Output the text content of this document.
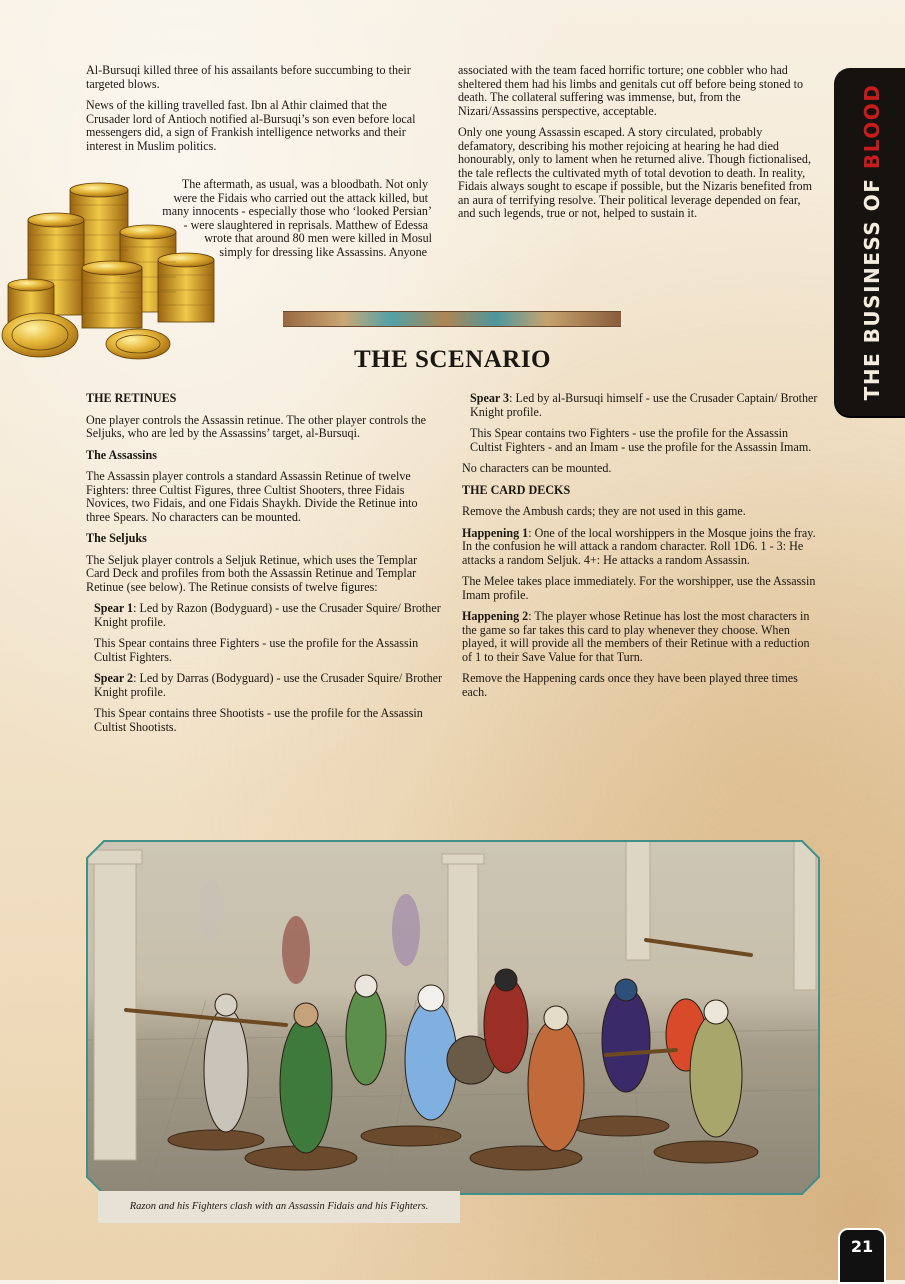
THE BUSINESS OF BLOOD

Al-Bursuqi killed three of his assailants before succumbing to their targeted blows.

News of the killing travelled fast. Ibn al Athir claimed that the Crusader lord of Antioch notified al-Bursuqi’s son even before local messengers did, a sign of Frankish intelligence networks and their interest in Muslim politics.

The aftermath, as usual, was a bloodbath. Not only
were the Fidais who carried out the attack killed, but
many innocents - especially those who ‘looked Persian’
- were slaughtered in reprisals. Matthew of Edessa
wrote that around 80 men were killed in Mosul
simply for dressing like Assassins. Anyone

associated with the team faced horrific torture; one cobbler who had sheltered them had his limbs and genitals cut off before being stoned to death. The collateral suffering was immense, but, from the Nizari/Assassins perspective, acceptable.

Only one young Assassin escaped. A story circulated, probably defamatory, describing his mother rejoicing at hearing he had died honourably, only to lament when he returned alive. Though fictionalised, the tale reflects the cultivated myth of total devotion to death. In reality, Fidais always sought to escape if possible, but the Nizaris benefited from an aura of terrifying resolve. Their political leverage depended on fear, and such legends, true or not, helped to sustain it.

THE SCENARIO
THE RETINUES

One player controls the Assassin retinue. The other player controls the Seljuks, who are led by the Assassins’ target, al-Bursuqi.

The Assassins

The Assassin player controls a standard Assassin Retinue of twelve Fighters: three Cultist Figures, three Cultist Shooters, three Fidais Novices, two Fidais, and one Fidais Shaykh. Divide the Retinue into three Spears. No characters can be mounted.

The Seljuks

The Seljuk player controls a Seljuk Retinue, which uses the Templar Card Deck and profiles from both the Assassin Retinue and Templar Retinue (see below). The Retinue consists of twelve figures:

Spear 1: Led by Razon (Bodyguard) - use the Crusader Squire/ Brother Knight profile.

This Spear contains three Fighters - use the profile for the Assassin Cultist Fighters.

Spear 2: Led by Darras (Bodyguard) - use the Crusader Squire/ Brother Knight profile.

This Spear contains three Shootists - use the profile for the Assassin Cultist Shootists.

Spear 3: Led by al-Bursuqi himself - use the Crusader Captain/ Brother Knight profile.

This Spear contains two Fighters - use the profile for the Assassin Cultist Fighters - and an Imam - use the profile for the Assassin Imam.

No characters can be mounted.

THE CARD DECKS

Remove the Ambush cards; they are not used in this game.

Happening 1: One of the local worshippers in the Mosque joins the fray. In the confusion he will attack a random character. Roll 1D6. 1 - 3: He attacks a random Seljuk. 4+: He attacks a random Assassin.

The Melee takes place immediately. For the worshipper, use the Assassin Imam profile.

Happening 2: The player whose Retinue has lost the most characters in the game so far takes this card to play whenever they choose. When played, it will provide all the members of their Retinue with a reduction of 1 to their Save Value for that Turn.

Remove the Happening cards once they have been played three times each.

Razon and his Fighters clash with an Assassin Fidais and his Fighters.
21
